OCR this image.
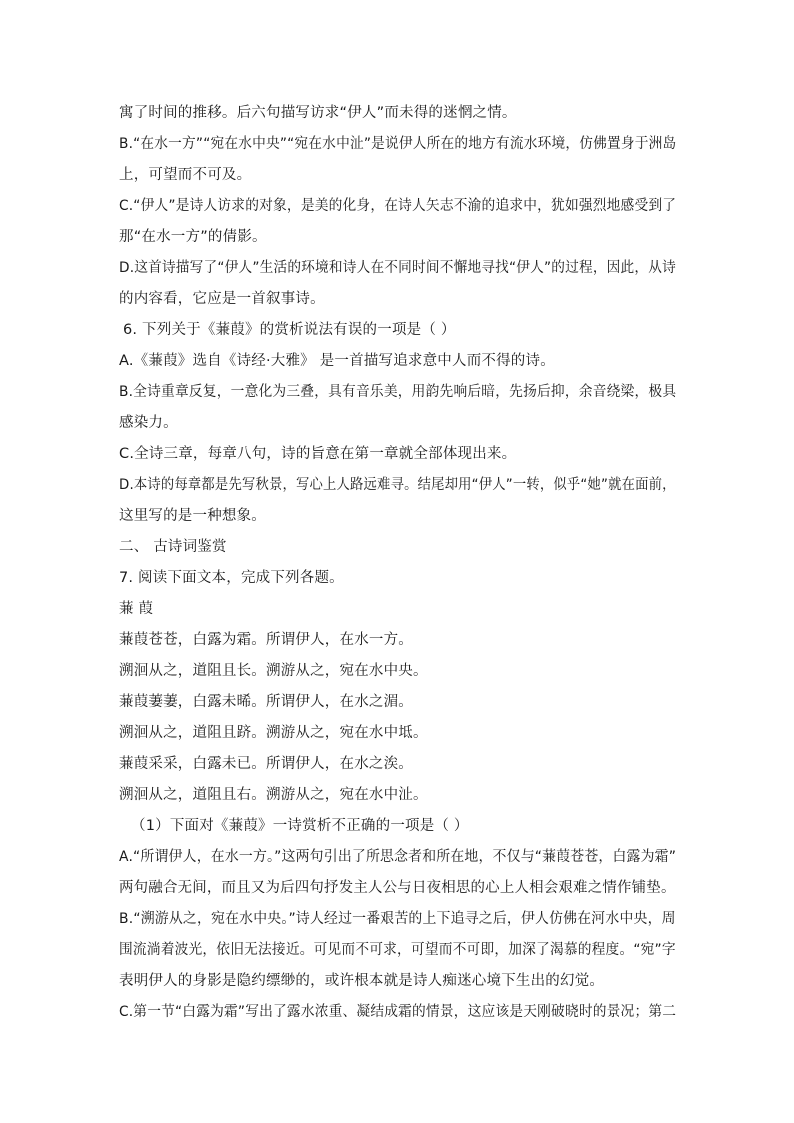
寓了时间的推移。后六句描写访求“伊人”而未得的迷惘之情。
B.“在水一方”“宛在水中央”“宛在水中沚”是说伊人所在的地方有流水环境，仿佛置身于洲岛
上，可望而不可及。
C.“伊人”是诗人访求的对象，是美的化身，在诗人矢志不渝的追求中，犹如强烈地感受到了
那“在水一方”的倩影。
D.这首诗描写了“伊人”生活的环境和诗人在不同时间不懈地寻找“伊人”的过程，因此，从诗
的内容看，它应是一首叙事诗。
6. 下列关于《蒹葭》的赏析说法有误的一项是（ ）
A.《蒹葭》选自《诗经·大雅》 是一首描写追求意中人而不得的诗。
B.全诗重章反复，一意化为三叠，具有音乐美，用韵先响后暗，先扬后抑，余音绕梁，极具
感染力。
C.全诗三章，每章八句，诗的旨意在第一章就全部体现出来。
D.本诗的每章都是先写秋景，写心上人路远难寻。结尾却用“伊人”一转，似乎“她”就在面前，
这里写的是一种想象。
二、 古诗词鉴赏
7. 阅读下面文本，完成下列各题。
蒹 葭
蒹葭苍苍，白露为霜。所谓伊人，在水一方。
溯洄从之，道阻且长。溯游从之，宛在水中央。
蒹葭萋萋，白露未晞。所谓伊人，在水之湄。
溯洄从之，道阻且跻。溯游从之，宛在水中坻。
蒹葭采采，白露未已。所谓伊人，在水之涘。
溯洄从之，道阻且右。溯游从之，宛在水中沚。
（1）下面对《蒹葭》一诗赏析不正确的一项是（ ）
A.“所谓伊人，在水一方。”这两句引出了所思念者和所在地，不仅与“蒹葭苍苍，白露为霜”
两句融合无间，而且又为后四句抒发主人公与日夜相思的心上人相会艰难之情作铺垫。
B.“溯游从之，宛在水中央。”诗人经过一番艰苦的上下追寻之后，伊人仿佛在河水中央，周
围流淌着波光，依旧无法接近。可见而不可求，可望而不可即，加深了渴慕的程度。“宛”字
表明伊人的身影是隐约缥缈的，或许根本就是诗人痴迷心境下生出的幻觉。
C.第一节“白露为霜”写出了露水浓重、凝结成霜的情景，这应该是天刚破晓时的景况；第二
